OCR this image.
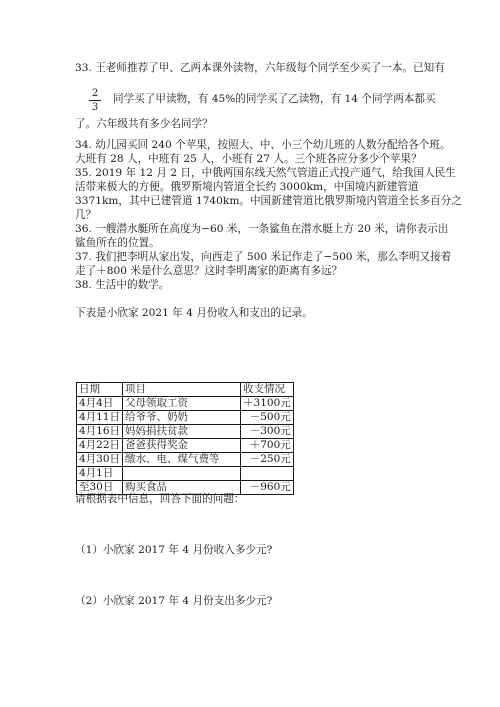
33. 王老师推荐了甲、乙两本课外读物，六年级每个同学至少买了一本。已知有
2
3
同学买了甲读物，有 45%的同学买了乙读物，有 14 个同学两本都买
了。六年级共有多少名同学？
34. 幼儿园买回 240 个苹果，按照大、中、小三个幼儿班的人数分配给各个班。
大班有 28 人，中班有 25 人，小班有 27 人。三个班各应分多少个苹果？
35. 2019 年 12 月 2 日，中俄两国东线天然气管道正式投产通气，给我国人民生
活带来极大的方便。俄罗斯境内管道全长约 3000km，中国境内新建管道
3371km，其中已建管道 1740km。中国新建管道比俄罗斯境内管道全长多百分之
几？
36. 一艘潜水艇所在高度为−60 米，一条鲨鱼在潜水艇上方 20 米，请你表示出
鲨鱼所在的位置。
37. 我们把李明从家出发，向西走了 500 米记作走了−500 米，那么李明又接着
走了＋800 米是什么意思？这时李明离家的距离有多远？
38. 生活中的数学。
下表是小欣家 2021 年 4 月份收入和支出的记录。
日期	项目	收支情况
4月4日	父母领取工资	＋3100元
4月11日	给爷爷、奶奶	－500元
4月16日	妈妈捐扶贫款	－300元
4月22日	爸爸获得奖金	＋700元
4月30日	缴水、电、煤气费等	－250元
4月1日		
至30日	购买食品	－960元
请根据表中信息，回答下面的问题：
（1）小欣家 2017 年 4 月份收入多少元?
（2）小欣家 2017 年 4 月份支出多少元?
